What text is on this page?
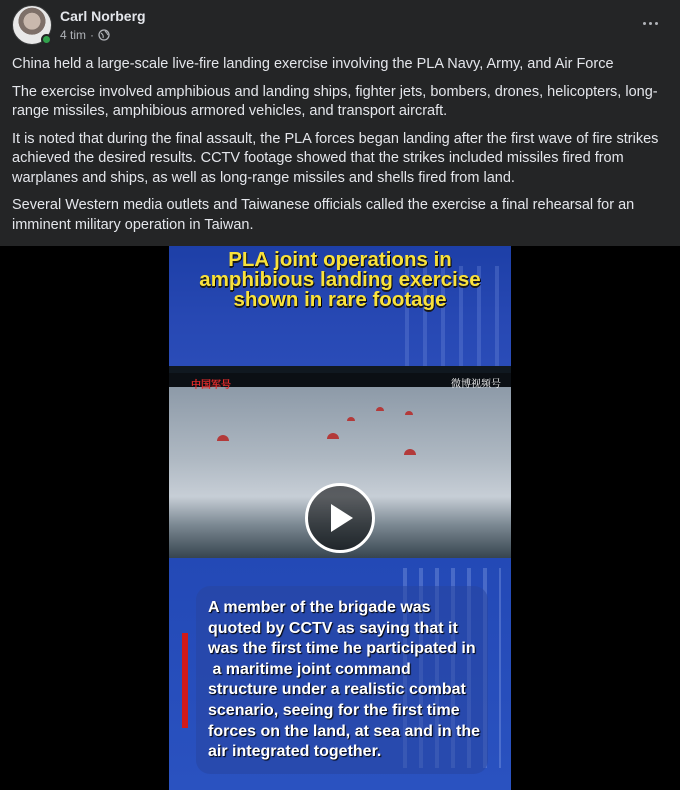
Carl Norberg
4 tim ·

China held a large-scale live-fire landing exercise involving the PLA Navy, Army, and Air Force

The exercise involved amphibious and landing ships, fighter jets, bombers, drones, helicopters, long-range missiles, amphibious armored vehicles, and transport aircraft.

It is noted that during the final assault, the PLA forces began landing after the first wave of fire strikes achieved the desired results. CCTV footage showed that the strikes included missiles fired from warplanes and ships, as well as long-range missiles and shells fired from land.

Several Western media outlets and Taiwanese officials called the exercise a final rehearsal for an imminent military operation in Taiwan.

PLA joint operations in
amphibious landing exercise
shown in rare footage
中国军号	微博视频号
A member of the brigade was
quoted by CCTV as saying that it
was the first time he participated in
a maritime joint command
structure under a realistic combat
scenario, seeing for the first time
forces on the land, at sea and in the
air integrated together.
